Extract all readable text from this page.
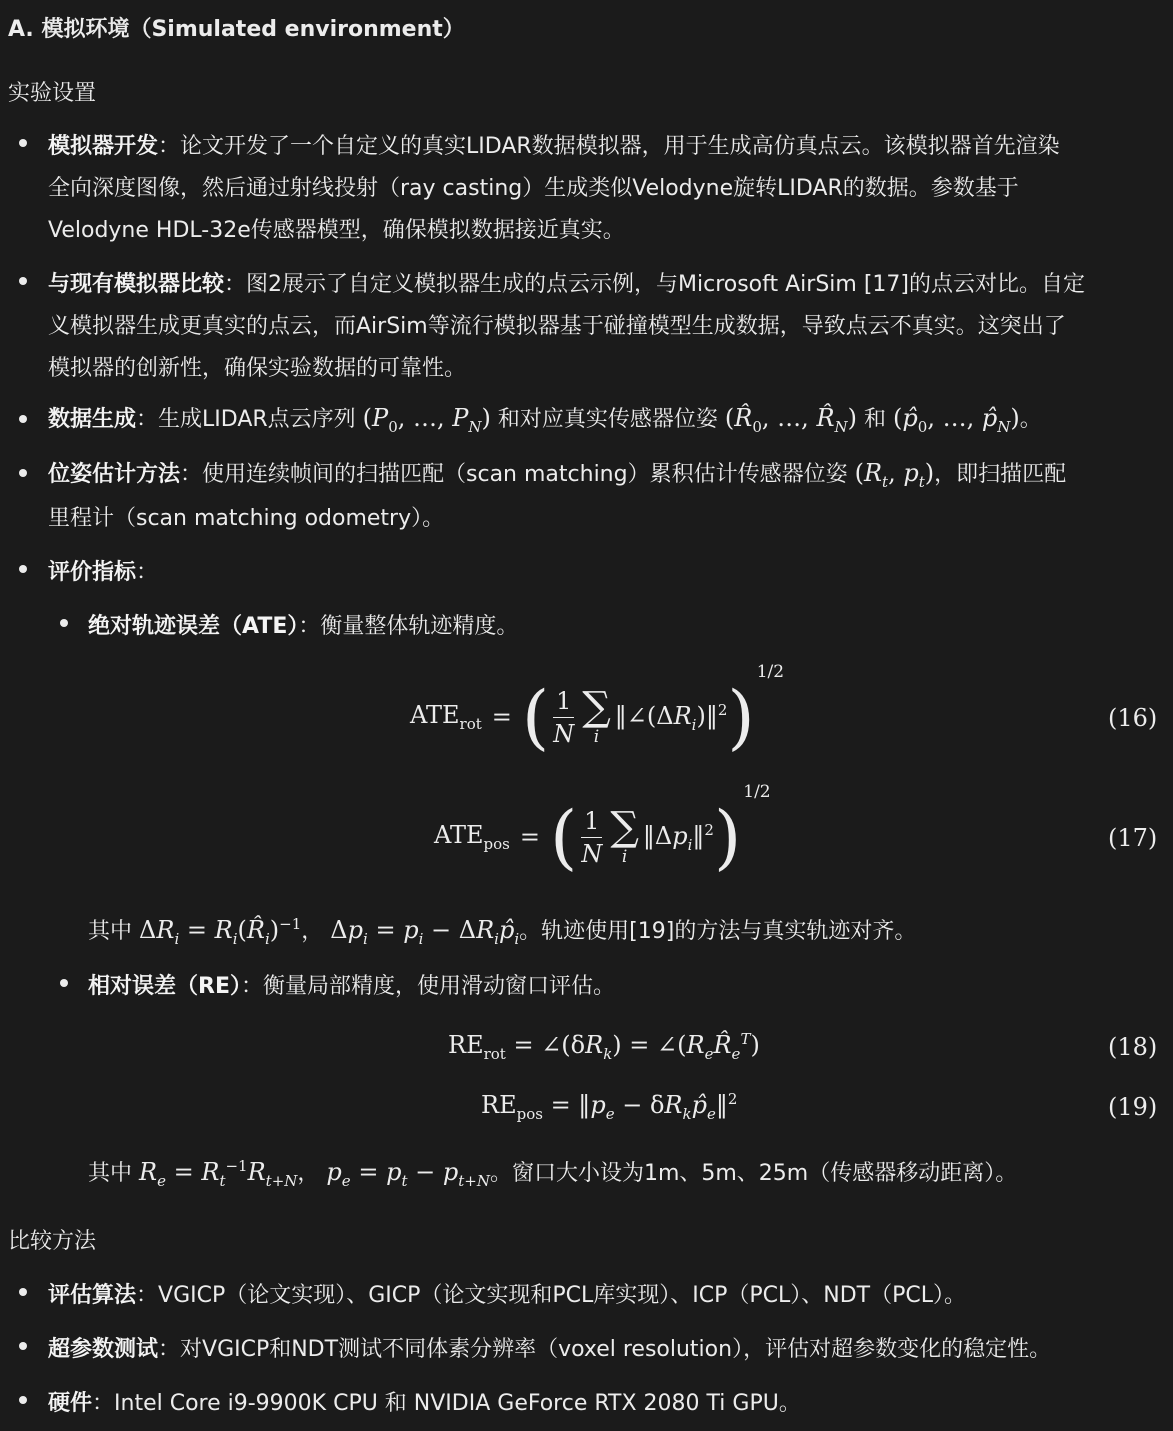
A. 模拟环境（Simulated environment）
实验设置
模拟器开发：论文开发了一个自定义的真实LIDAR数据模拟器，用于生成高仿真点云。该模拟器首先渲染
全向深度图像，然后通过射线投射（ray casting）生成类似Velodyne旋转LIDAR的数据。参数基于
Velodyne HDL-32e传感器模型，确保模拟数据接近真实。
与现有模拟器比较：图2展示了自定义模拟器生成的点云示例，与Microsoft AirSim [17]的点云对比。自定
义模拟器生成更真实的点云，而AirSim等流行模拟器基于碰撞模型生成数据，导致点云不真实。这突出了
模拟器的创新性，确保实验数据的可靠性。
数据生成：生成LIDAR点云序列 ($P_0$, …, $P_N$) 和对应真实传感器位姿 ($R̂_0$, …, $R̂_N$) 和 ($p̂_0$, …, $p̂_N$)。
位姿估计方法：使用连续帧间的扫描匹配（scan matching）累积估计传感器位姿 ($R_t$, $p_t$)，即扫描匹配
里程计（scan matching odometry）。
评价指标：
绝对轨迹误差（ATE）：衡量整体轨迹精度。
$ATE_{rot}$ = ( $\frac{1}{N}$ ∑
i
$‖\angle(\Delta R_i)‖^2$ )
1/2
(16)
$ATE_{pos}$ = ( $\frac{1}{N}$ ∑
i
$‖\Delta p_i‖^2$ )
1/2
(17)
其中 $\Delta R_i$ = $R_i(R̂_i)^{-1}$， $\Delta p_i = p_i$ − $\Delta R_ip̂_i$。轨迹使用[19]的方法与真实轨迹对齐。
相对误差（RE）：衡量局部精度，使用滑动窗口评估。
$RE_{rot}$ = $\angle(\delta R_k)$ = $\angle(R_eR̂_e^T)$	(18)
$RE_{pos}$ = $‖p_e$ − $\delta R_kp̂_e‖^2$	(19)
其中 $R_e = R_t^{-1}R_{t+N}$， $p_e = p_t - p_{t+N}$。窗口大小设为1m、5m、25m（传感器移动距离）。
比较方法
评估算法：VGICP（论文实现）、GICP（论文实现和PCL库实现）、ICP（PCL）、NDT（PCL）。
超参数测试：对VGICP和NDT测试不同体素分辨率（voxel resolution），评估对超参数变化的稳定性。
硬件：Intel Core i9-9900K CPU 和 NVIDIA GeForce RTX 2080 Ti GPU。
